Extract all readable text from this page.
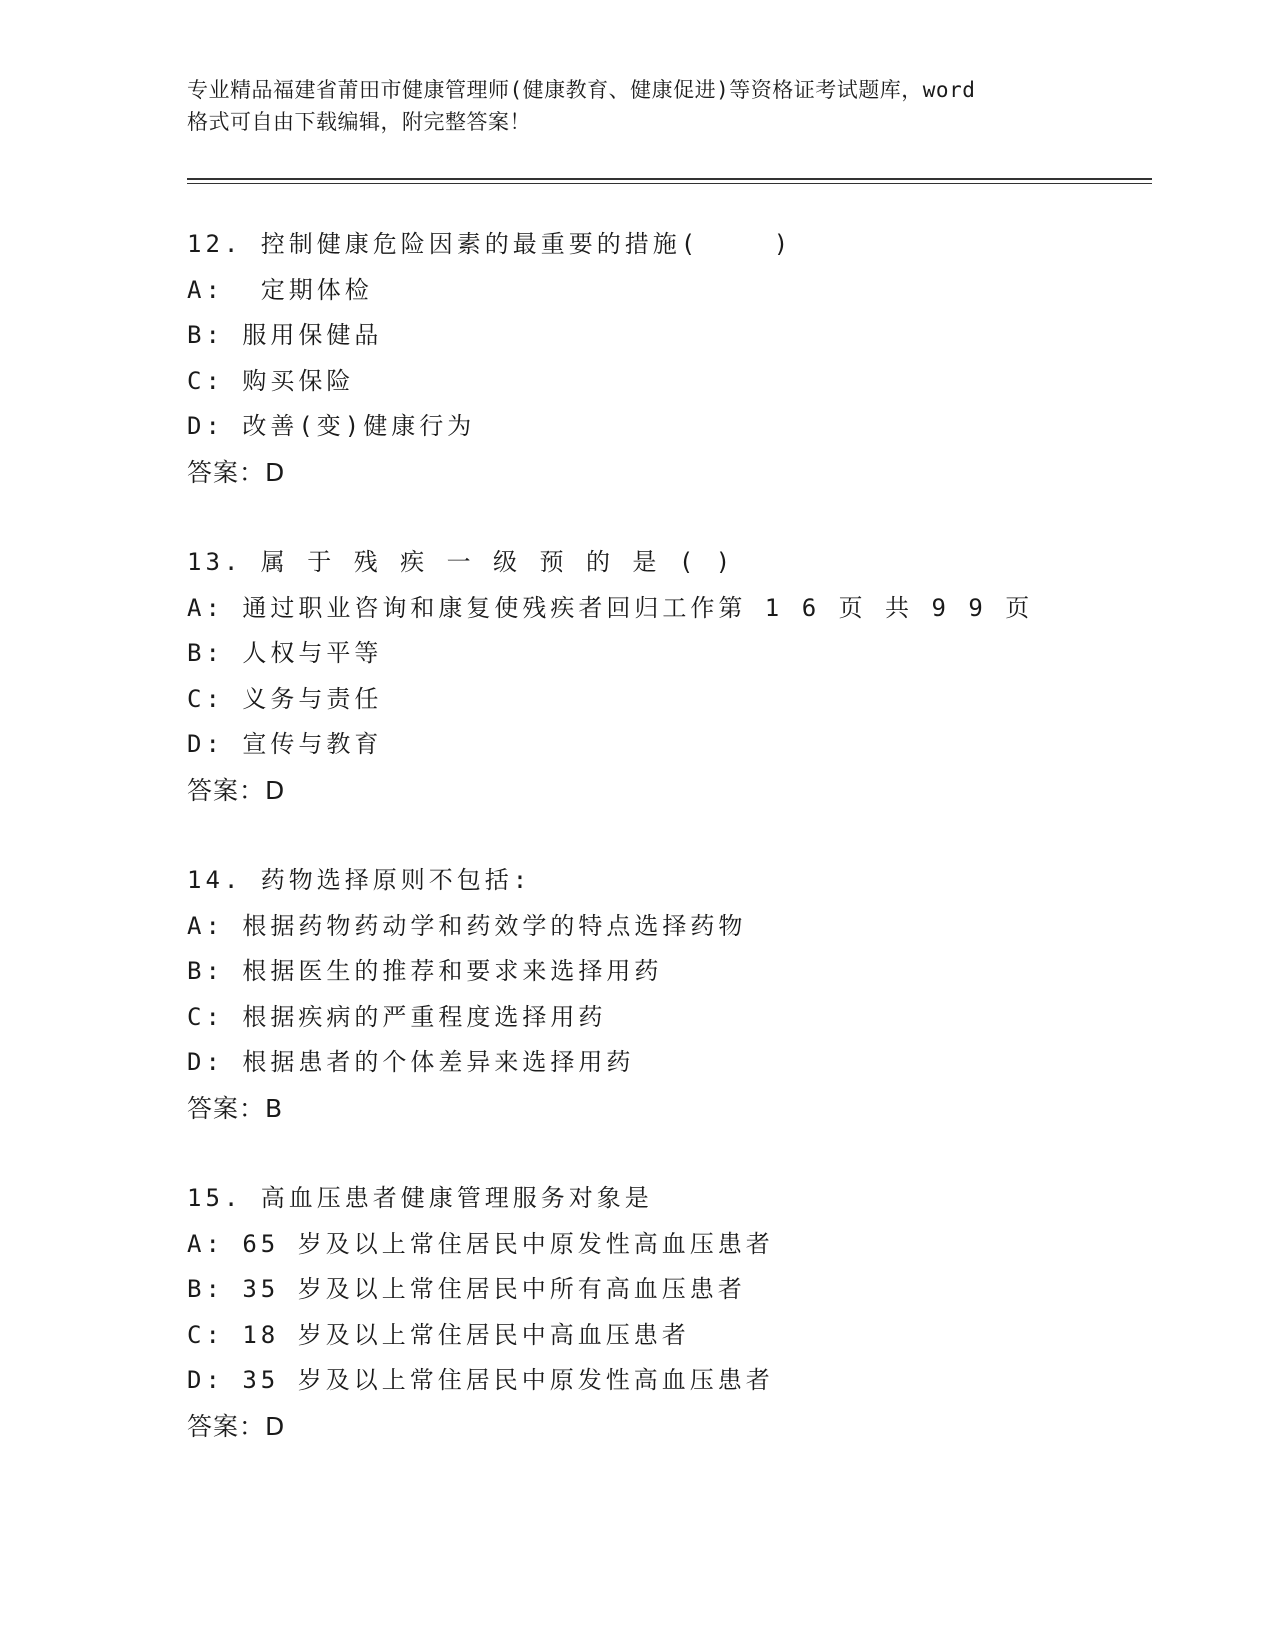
专业精品福建省莆田市健康管理师(健康教育、健康促进)等资格证考试题库，word
格式可自由下载编辑，附完整答案！
12. 控制健康危险因素的最重要的措施(　 　)
A:  定期体检
B: 服用保健品
C: 购买保险
D: 改善(变)健康行为
答案：D
13. 属 于 残 疾 一 级 预 的 是 ( )
A: 通过职业咨询和康复使残疾者回归工作第 1 6 页 共 9 9 页
B: 人权与平等
C: 义务与责任
D: 宣传与教育
答案：D
14. 药物选择原则不包括:
A: 根据药物药动学和药效学的特点选择药物
B: 根据医生的推荐和要求来选择用药
C: 根据疾病的严重程度选择用药
D: 根据患者的个体差异来选择用药
答案：B
15. 高血压患者健康管理服务对象是
A: 65 岁及以上常住居民中原发性高血压患者
B: 35 岁及以上常住居民中所有高血压患者
C: 18 岁及以上常住居民中高血压患者
D: 35 岁及以上常住居民中原发性高血压患者
答案：D
